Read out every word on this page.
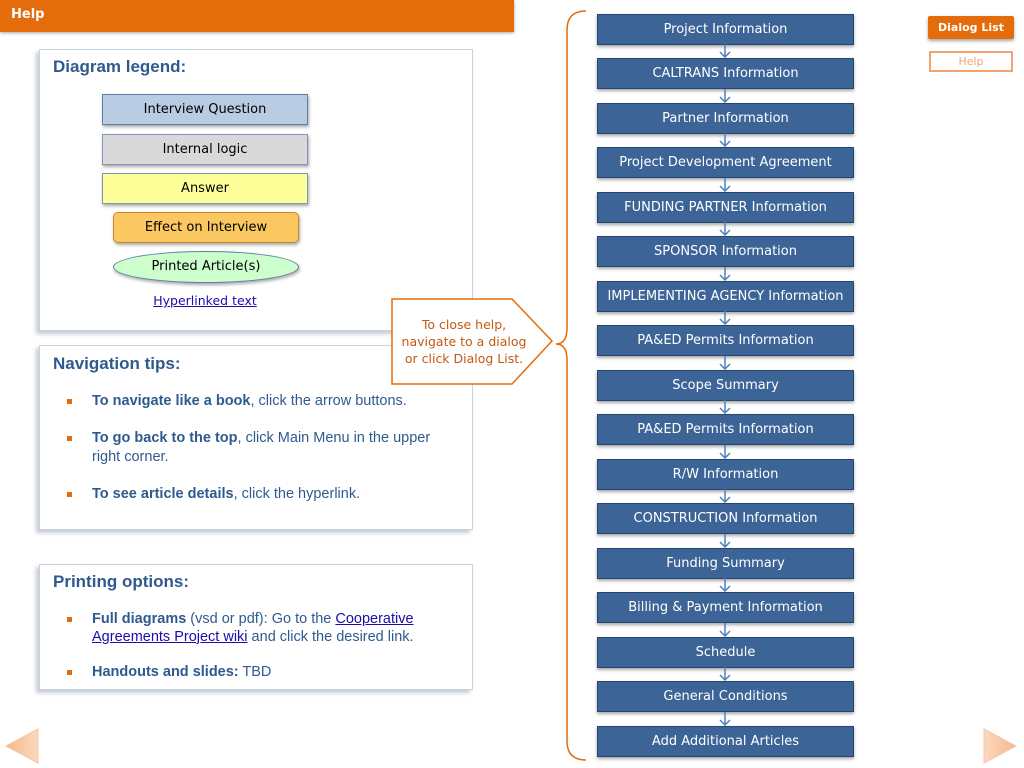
Help
Diagram legend:
Interview Question
Internal logic
Answer
Effect on Interview
Printed Article(s)
Hyperlinked text
Navigation tips:
To navigate like a book, click the arrow buttons.
To go back to the top, click Main Menu in the upper right corner.
To see article details, click the hyperlink.
Printing options:
Full diagrams (vsd or pdf): Go to the Cooperative Agreements Project wiki and click the desired link.
Handouts and slides: TBD
To close help, navigate to a dialog or click Dialog List.
Project Information
CALTRANS Information
Partner Information
Project Development Agreement
FUNDING PARTNER Information
SPONSOR Information
IMPLEMENTING AGENCY Information
PA&ED Permits Information
Scope Summary
PA&ED Permits Information
R/W Information
CONSTRUCTION Information
Funding Summary
Billing & Payment Information
Schedule
General Conditions
Add Additional Articles
Dialog List
Help
